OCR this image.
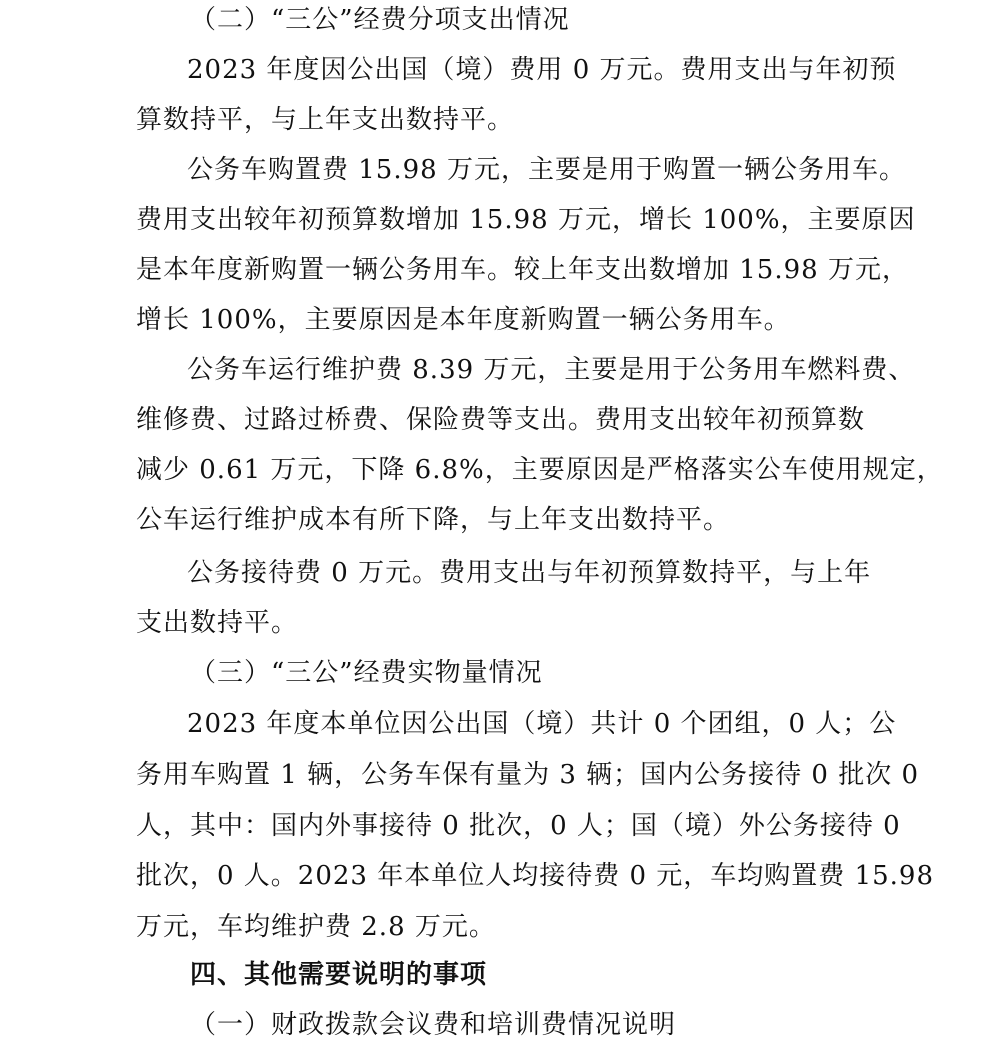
（二）“三公”经费分项支出情况
2023 年度因公出国（境）费用 0 万元。费用支出与年初预
算数持平，与上年支出数持平。
公务车购置费 15.98 万元，主要是用于购置一辆公务用车。
费用支出较年初预算数增加 15.98 万元，增长 100%，主要原因
是本年度新购置一辆公务用车。较上年支出数增加 15.98 万元，
增长 100%，主要原因是本年度新购置一辆公务用车。
公务车运行维护费 8.39 万元，主要是用于公务用车燃料费、
维修费、过路过桥费、保险费等支出。费用支出较年初预算数
减少 0.61 万元，下降 6.8%，主要原因是严格落实公车使用规定，
公车运行维护成本有所下降，与上年支出数持平。
公务接待费 0 万元。费用支出与年初预算数持平，与上年
支出数持平。
（三）“三公”经费实物量情况
2023 年度本单位因公出国（境）共计 0 个团组，0 人；公
务用车购置 1 辆，公务车保有量为 3 辆；国内公务接待 0 批次 0
人，其中：国内外事接待 0 批次，0 人；国（境）外公务接待 0
批次，0 人。2023 年本单位人均接待费 0 元，车均购置费 15.98
万元，车均维护费 2.8 万元。
四、其他需要说明的事项
（一）财政拨款会议费和培训费情况说明
